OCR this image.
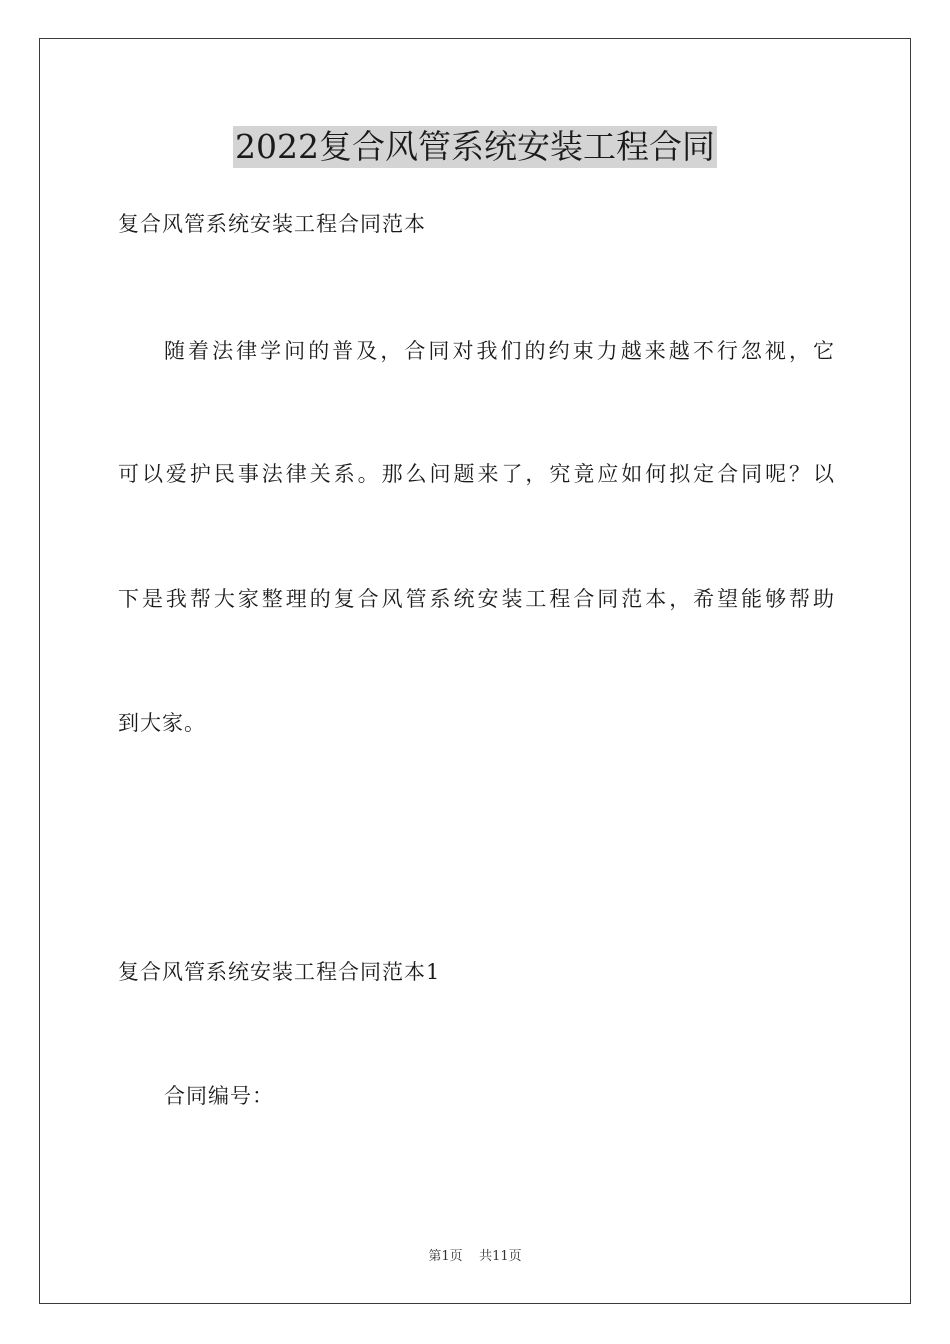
2022复合风管系统安装工程合同
复合风管系统安装工程合同范本
随着法律学问的普及，合同对我们的约束力越来越不行忽视，它
可以爱护民事法律关系。那么问题来了，究竟应如何拟定合同呢？以
下是我帮大家整理的复合风管系统安装工程合同范本，希望能够帮助
到大家。
复合风管系统安装工程合同范本1
合同编号：
第1页    共11页
